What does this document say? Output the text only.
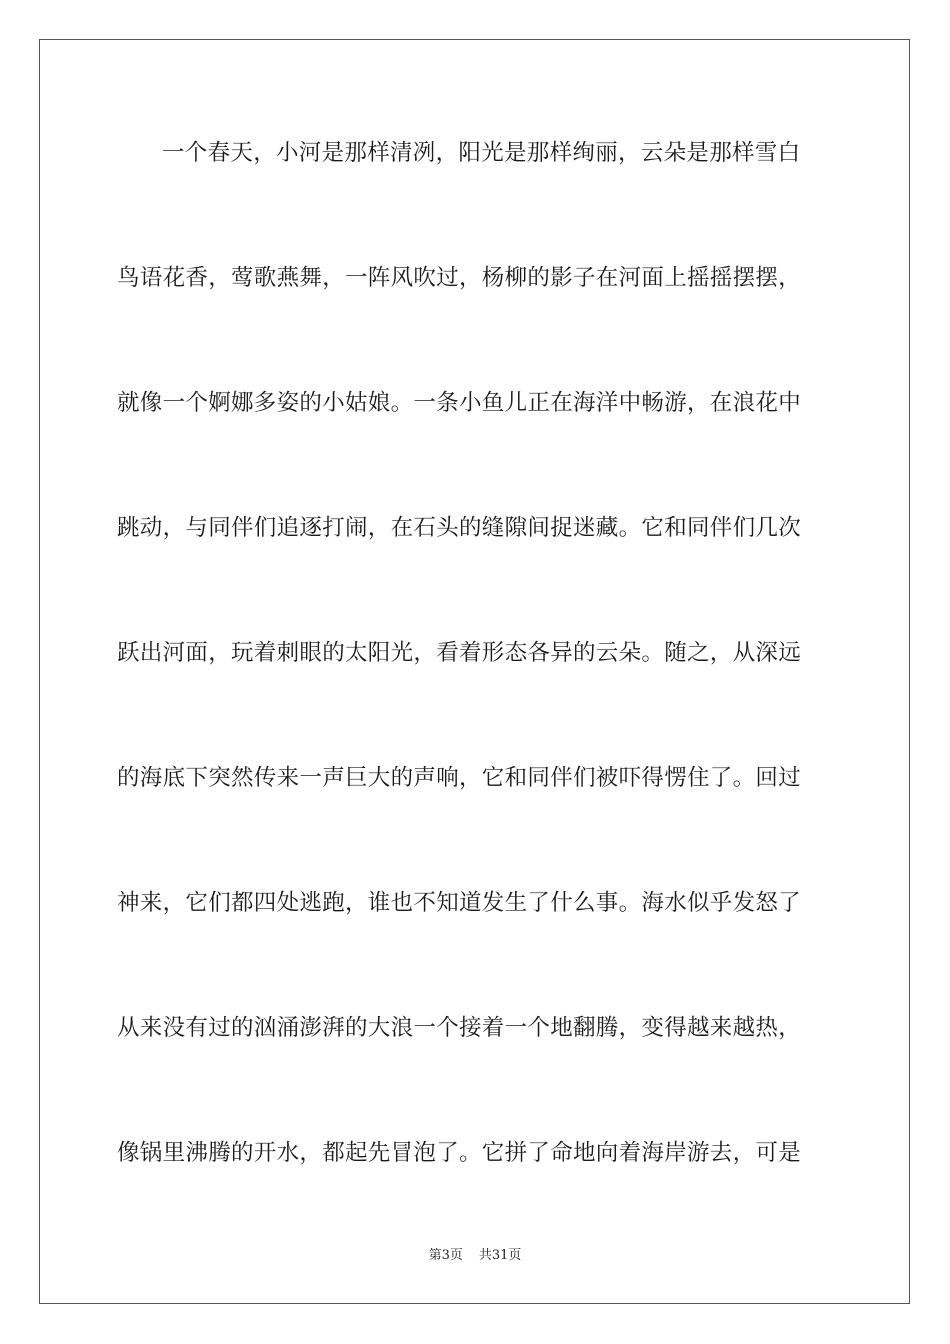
一个春天，小河是那样清冽，阳光是那样绚丽，云朵是那样雪白
鸟语花香，莺歌燕舞，一阵风吹过，杨柳的影子在河面上摇摇摆摆，
就像一个婀娜多姿的小姑娘。一条小鱼儿正在海洋中畅游，在浪花中
跳动，与同伴们追逐打闹，在石头的缝隙间捉迷藏。它和同伴们几次
跃出河面，玩着刺眼的太阳光，看着形态各异的云朵。随之，从深远
的海底下突然传来一声巨大的声响，它和同伴们被吓得愣住了。回过
神来，它们都四处逃跑，谁也不知道发生了什么事。海水似乎发怒了
从来没有过的汹涌澎湃的大浪一个接着一个地翻腾，变得越来越热，
像锅里沸腾的开水，都起先冒泡了。它拼了命地向着海岸游去，可是
第3页 共31页
